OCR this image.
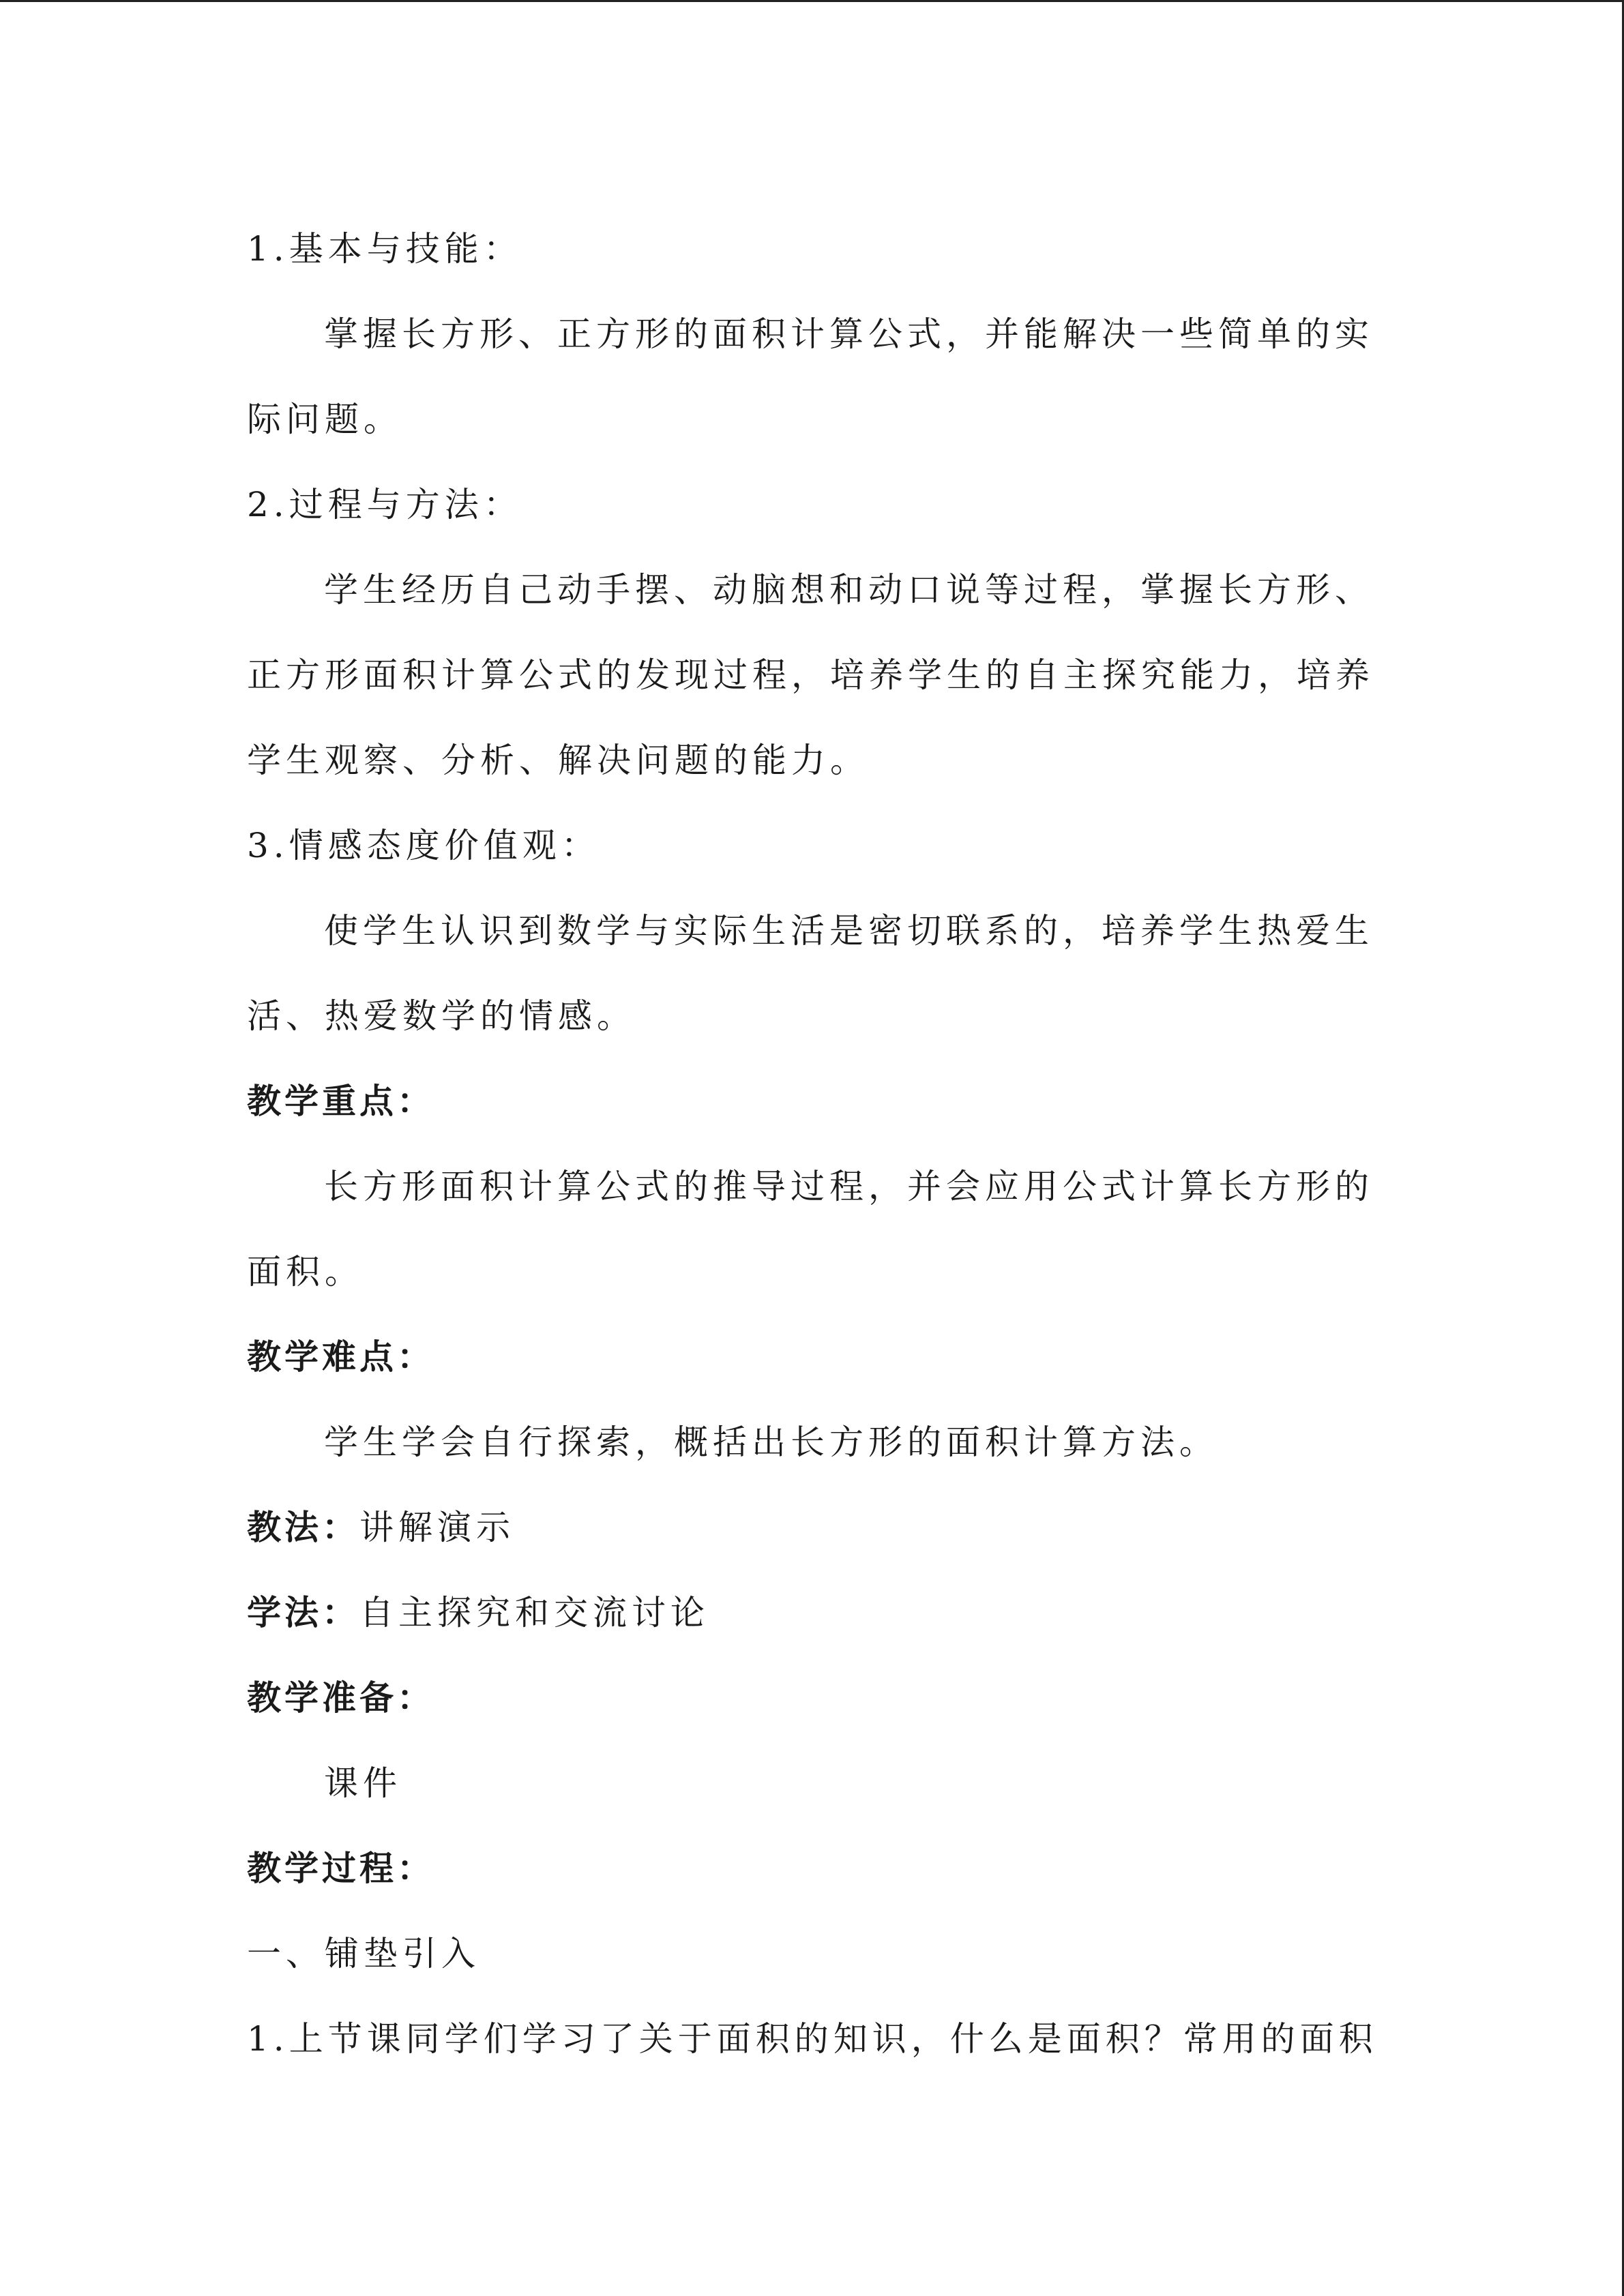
1.基本与技能：
掌握长方形、正方形的面积计算公式，并能解决一些简单的实
际问题。
2.过程与方法：
学生经历自己动手摆、动脑想和动口说等过程，掌握长方形、
正方形面积计算公式的发现过程，培养学生的自主探究能力，培养
学生观察、分析、解决问题的能力。
3.情感态度价值观：
使学生认识到数学与实际生活是密切联系的，培养学生热爱生
活、热爱数学的情感。
教学重点：
长方形面积计算公式的推导过程，并会应用公式计算长方形的
面积。
教学难点：
学生学会自行探索，概括出长方形的面积计算方法。
教法：讲解演示
学法：自主探究和交流讨论
教学准备：
课件
教学过程：
一、铺垫引入
1.上节课同学们学习了关于面积的知识，什么是面积？常用的面积
